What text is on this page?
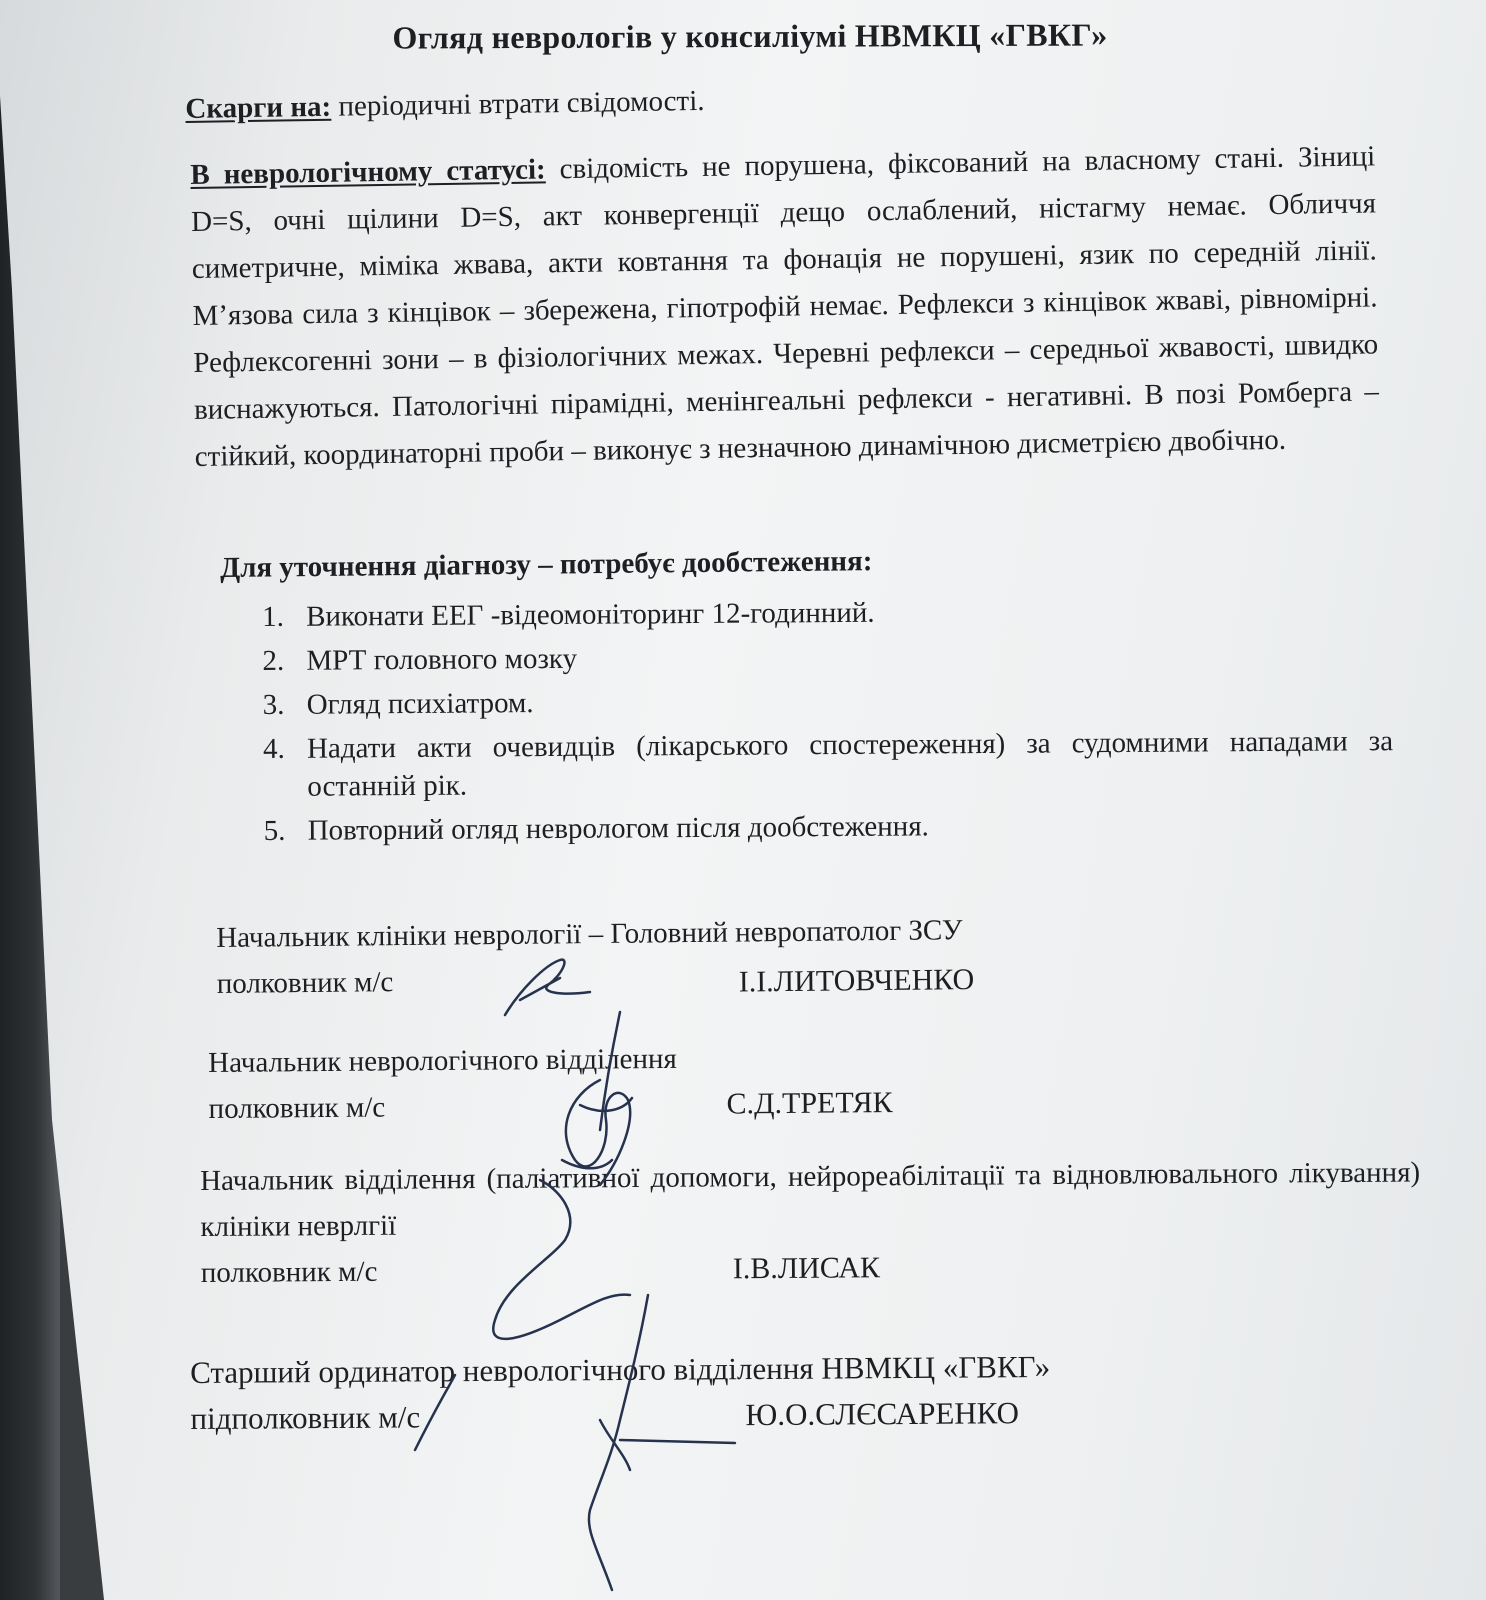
Огляд неврологів у консиліумі НВМКЦ «ГВКГ»
Скарги на: періодичні втрати свідомості.
В неврологічному статусі: свідомість не порушена, фіксований на власному стані. Зіниці D=S, очні щілини D=S, акт конвергенції дещо ослаблений, ністагму немає. Обличчя симетричне, міміка жвава, акти ковтання та фонація не порушені, язик по середній лінії. М’язова сила з кінцівок – збережена, гіпотрофій немає. Рефлекси з кінцівок жваві, рівномірні. Рефлексогенні зони – в фізіологічних межах. Черевні рефлекси – середньої жвавості, швидко виснажуються. Патологічні пірамідні, менінгеальні рефлекси - негативні. В позі Ромберга – стійкий, координаторні проби – виконує з незначною динамічною дисметрією двобічно.
Для уточнення діагнозу – потребує дообстеження:
1. Виконати ЕЕГ -відеомоніторинг 12-годинний.
2. МРТ головного мозку
3. Огляд психіатром.
4. Надати акти очевидців (лікарського спостереження) за судомними нападами за останній рік.
5. Повторний огляд неврологом після дообстеження.
Начальник клініки неврології – Головний невропатолог ЗСУ
полковник м/с	І.І.ЛИТОВЧЕНКО
Начальник неврологічного відділення
полковник м/с	С.Д.ТРЕТЯК
Начальник відділення (паліативної допомоги, нейрореабілітації та відновлювального лікування) клініки неврлгії
полковник м/с	І.В.ЛИСАК
Старший ординатор неврологічного відділення НВМКЦ «ГВКГ»
підполковник м/с	Ю.О.СЛЄСАРЕНКО
